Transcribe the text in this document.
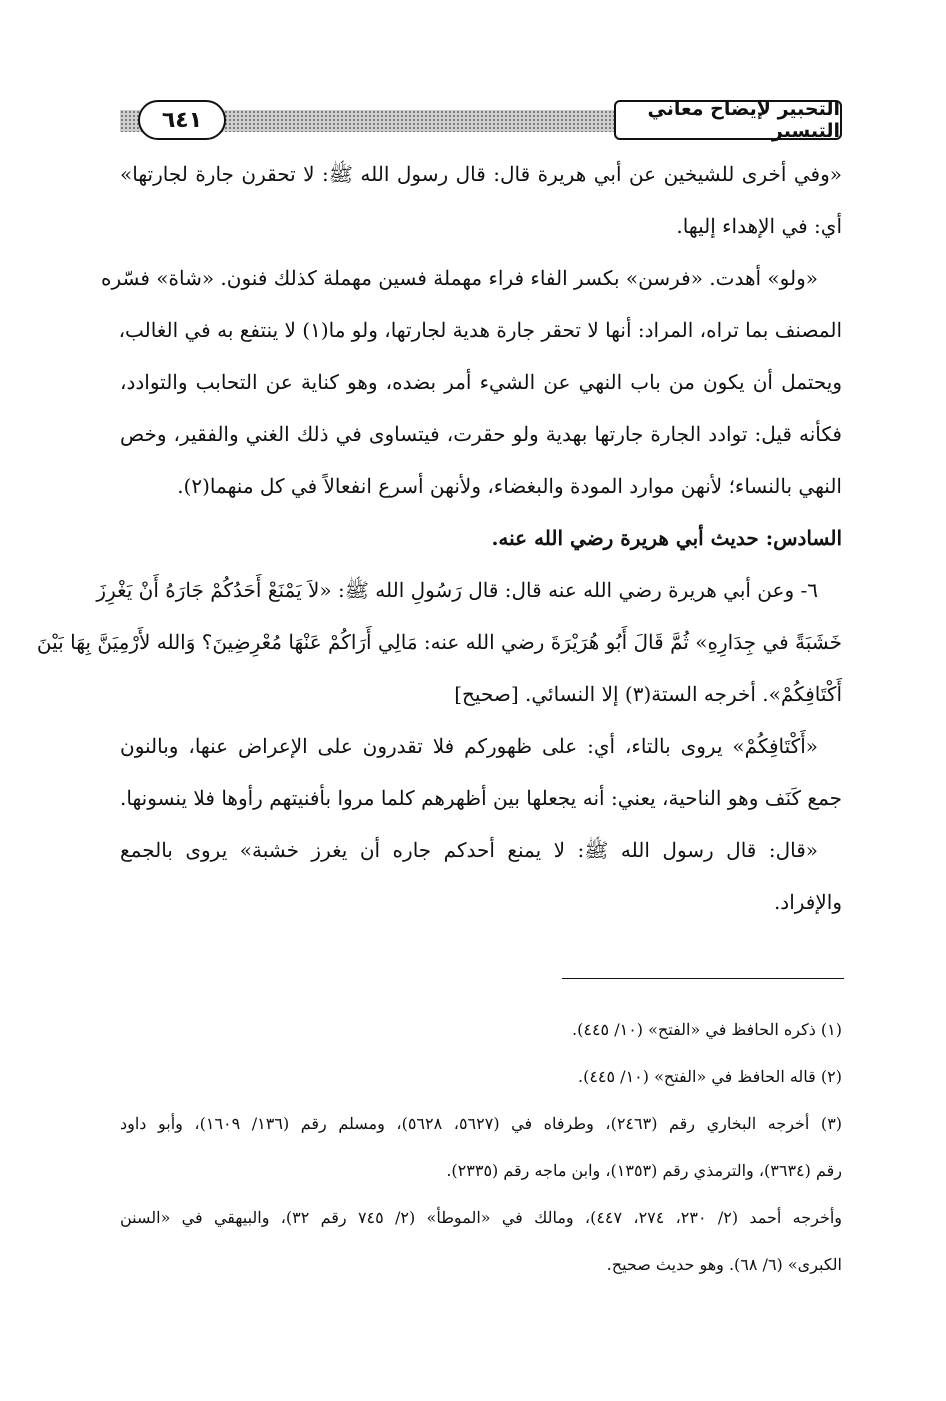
٦٤١	التحبير لإيضاح معاني التيسير
«وفي أخرى للشيخين عن أبي هريرة قال: قال رسول الله ﷺ: لا تحقرن جارة لجارتها»
أي: في الإهداء إليها.
«ولو» أهدت. «فرسن» بكسر الفاء فراء مهملة فسين مهملة كذلك فنون. «شاة» فسّره
المصنف بما تراه، المراد: أنها لا تحقر جارة هدية لجارتها، ولو ما(١) لا ينتفع به في الغالب،
ويحتمل أن يكون من باب النهي عن الشيء أمر بضده، وهو كناية عن التحابب والتوادد،
فكأنه قيل: توادد الجارة جارتها بهدية ولو حقرت، فيتساوى في ذلك الغني والفقير، وخص
النهي بالنساء؛ لأنهن موارد المودة والبغضاء، ولأنهن أسرع انفعالاً في كل منهما(٢).
السادس: حديث أبي هريرة رضي الله عنه.
٦- وعن أبي هريرة رضي الله عنه قال: قال رَسُولِ الله ﷺ: «لاَ يَمْنَعْ أَحَدُكُمْ جَارَهُ أَنْ يَغْرِزَ
خَشَبَةً في جِدَارِهِ» ثُمَّ قَالَ أَبُو هُرَيْرَةَ رضي الله عنه: مَالِي أَرَاكُمْ عَنْهَا مُعْرِضِينَ؟ وَالله لأَرْمِيَنَّ بِهَا بَيْنَ
أَكْتَافِكُمْ». أخرجه الستة(٣) إلا النسائي. [صحيح]
«أَكْتَافِكُمْ» يروى بالتاء، أي: على ظهوركم فلا تقدرون على الإعراض عنها، وبالنون
جمع كَنَف وهو الناحية، يعني: أنه يجعلها بين أظهرهم كلما مروا بأفنيتهم رأوها فلا ينسونها.
«قال: قال رسول الله ﷺ: لا يمنع أحدكم جاره أن يغرز خشبة» يروى بالجمع
والإفراد.
(١) ذكره الحافظ في «الفتح» (١٠/ ٤٤٥).
(٢) قاله الحافظ في «الفتح» (١٠/ ٤٤٥).
(٣) أخرجه البخاري رقم (٢٤٦٣)، وطرفاه في (٥٦٢٧، ٥٦٢٨)، ومسلم رقم (١٣٦/ ١٦٠٩)، وأبو داود
رقم (٣٦٣٤)، والترمذي رقم (١٣٥٣)، وابن ماجه رقم (٢٣٣٥).
وأخرجه أحمد (٢/ ٢٣٠، ٢٧٤، ٤٤٧)، ومالك في «الموطأ» (٢/ ٧٤٥ رقم ٣٢)، والبيهقي في «السنن
الكبرى» (٦/ ٦٨). وهو حديث صحيح.
